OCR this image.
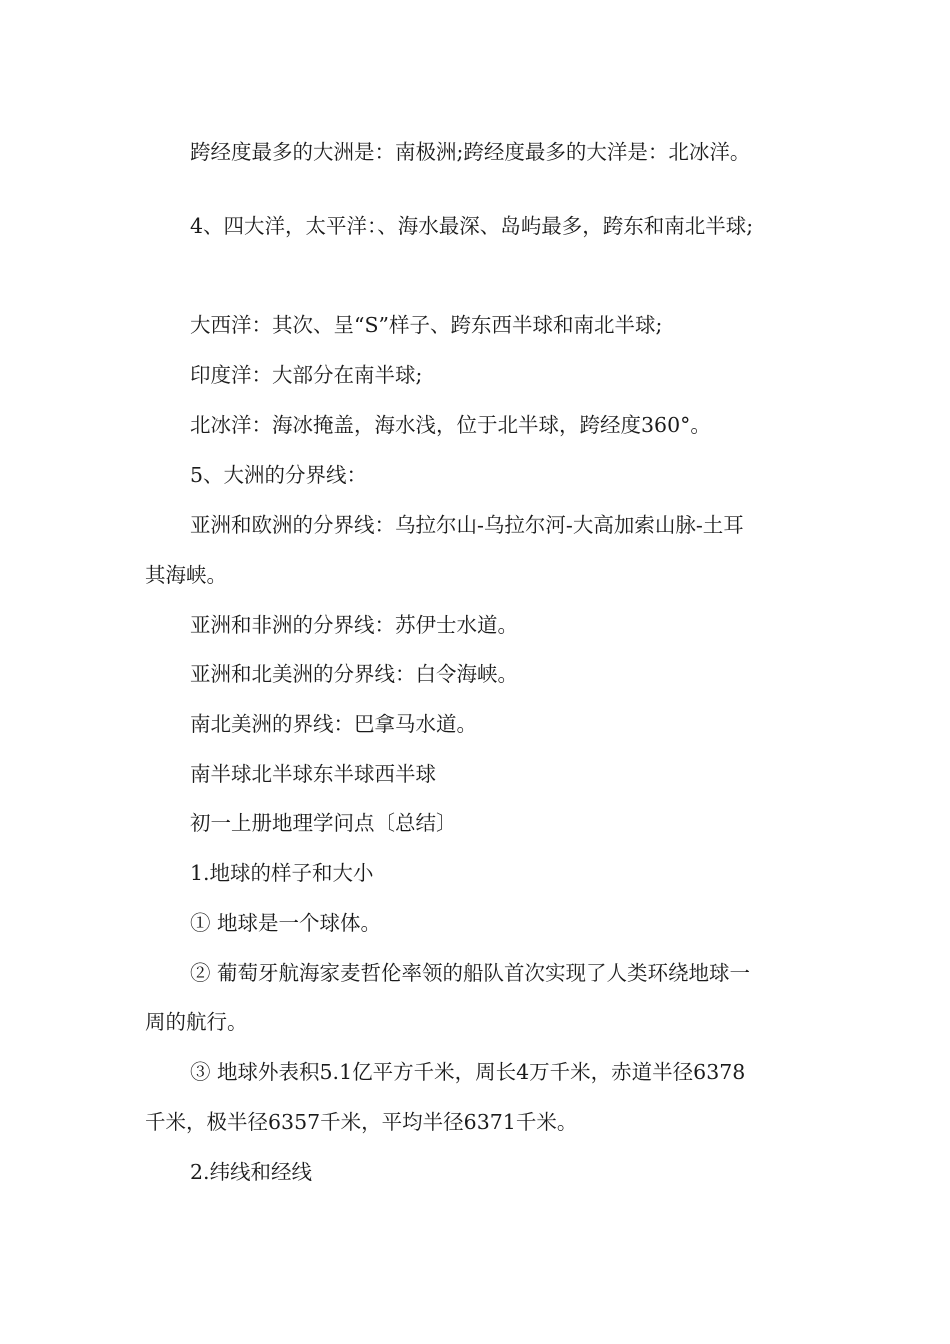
跨经度最多的大洲是：南极洲;跨经度最多的大洋是：北冰洋。

4、四大洋，太平洋：、海水最深、岛屿最多，跨东和南北半球;

大西洋：其次、呈“S”样子、跨东西半球和南北半球;

印度洋：大部分在南半球;

北冰洋：海冰掩盖，海水浅，位于北半球，跨经度360°。

5、大洲的分界线：

亚洲和欧洲的分界线：乌拉尔山-乌拉尔河-大高加索山脉-土耳

其海峡。

亚洲和非洲的分界线：苏伊士水道。

亚洲和北美洲的分界线：白令海峡。

南北美洲的界线：巴拿马水道。

南半球北半球东半球西半球

初一上册地理学问点〔总结〕

1.地球的样子和大小

① 地球是一个球体。

② 葡萄牙航海家麦哲伦率领的船队首次实现了人类环绕地球一

周的航行。

③ 地球外表积5.1亿平方千米，周长4万千米，赤道半径6378

千米，极半径6357千米，平均半径6371千米。

2.纬线和经线
